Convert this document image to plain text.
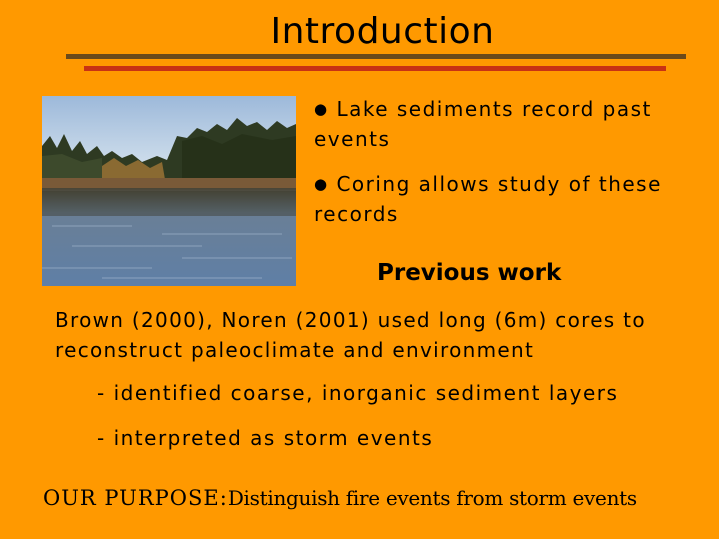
Introduction
● Lake sediments record past events
● Coring allows study of these records
Previous work
Brown (2000), Noren (2001) used long (6m) cores to reconstruct paleoclimate and environment
- identified coarse, inorganic sediment layers
- interpreted as storm events
OUR PURPOSE:Distinguish fire events from storm events
